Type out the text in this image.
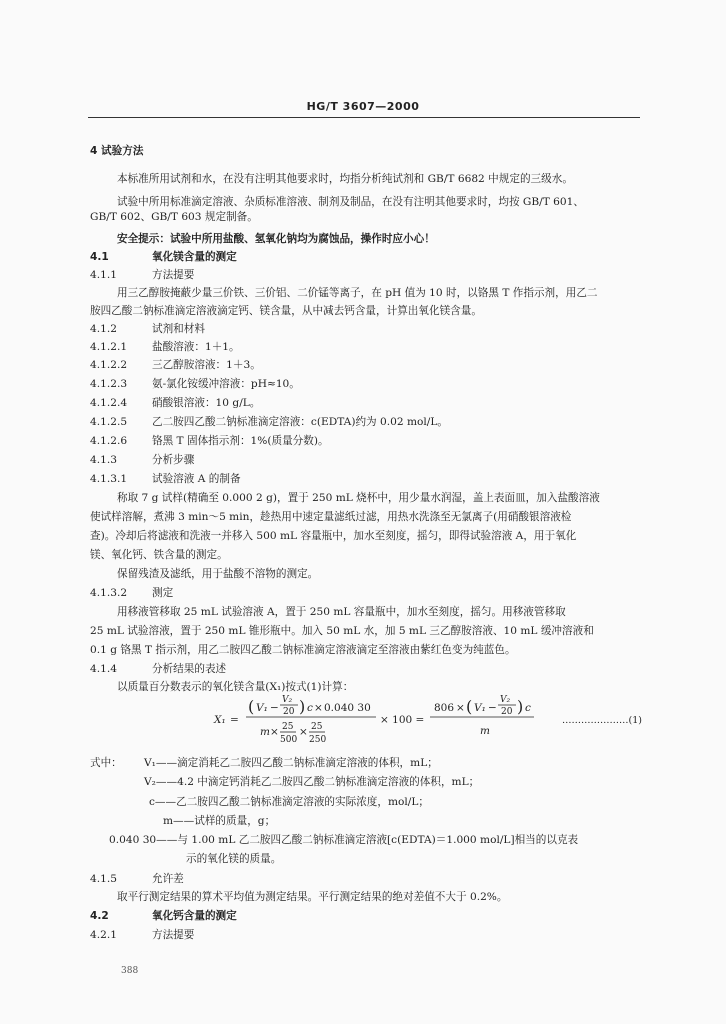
HG/T 3607—2000
4 试验方法
本标准所用试剂和水，在没有注明其他要求时，均指分析纯试剂和 GB/T 6682 中规定的三级水。
试验中所用标准滴定溶液、杂质标准溶液、制剂及制品，在没有注明其他要求时，均按 GB/T 601、
GB/T 602、GB/T 603 规定制备。
安全提示：试验中所用盐酸、氢氧化钠均为腐蚀品，操作时应小心！
4.1	氧化镁含量的测定
4.1.1	方法提要
用三乙醇胺掩蔽少量三价铁、三价铝、二价锰等离子，在 pH 值为 10 时，以铬黑 T 作指示剂，用乙二
胺四乙酸二钠标准滴定溶液滴定钙、镁含量，从中减去钙含量，计算出氧化镁含量。
4.1.2	试剂和材料
4.1.2.1 盐酸溶液：1＋1。
4.1.2.2 三乙醇胺溶液：1＋3。
4.1.2.3 氨-氯化铵缓冲溶液：pH≈10。
4.1.2.4 硝酸银溶液：10 g/L。
4.1.2.5 乙二胺四乙酸二钠标准滴定溶液：c(EDTA)约为 0.02 mol/L。
4.1.2.6 铬黑 T 固体指示剂：1%(质量分数)。
4.1.3	分析步骤
4.1.3.1 试验溶液 A 的制备
称取 7 g 试样(精确至 0.000 2 g)，置于 250 mL 烧杯中，用少量水润湿，盖上表面皿，加入盐酸溶液
使试样溶解，煮沸 3 min～5 min，趁热用中速定量滤纸过滤，用热水洗涤至无氯离子(用硝酸银溶液检
查)。冷却后将滤液和洗液一并移入 500 mL 容量瓶中，加水至刻度，摇匀，即得试验溶液 A，用于氧化
镁、氧化钙、铁含量的测定。
保留残渣及滤纸，用于盐酸不溶物的测定。
4.1.3.2 测定
用移液管移取 25 mL 试验溶液 A，置于 250 mL 容量瓶中，加水至刻度，摇匀。用移液管移取
25 mL 试验溶液，置于 250 mL 锥形瓶中。加入 50 mL 水，加 5 mL 三乙醇胺溶液、10 mL 缓冲溶液和
0.1 g 铬黑 T 指示剂，用乙二胺四乙酸二钠标准滴定溶液滴定至溶液由紫红色变为纯蓝色。
4.1.4	分析结果的表述
以质量百分数表示的氧化镁含量(X₁)按式(1)计算：
X₁ =
( V₁ −
V₂
20 ) c × 0.040 30
m × 25
500
× 25
250
× 100 =
806 × ( V₁ −
V₂
20 ) c
m
…………………(1)
式中： V₁——滴定消耗乙二胺四乙酸二钠标准滴定溶液的体积，mL；
V₂——4.2 中滴定钙消耗乙二胺四乙酸二钠标准滴定溶液的体积，mL；
c——乙二胺四乙酸二钠标准滴定溶液的实际浓度，mol/L；
m——试样的质量，g；
0.040 30——与 1.00 mL 乙二胺四乙酸二钠标准滴定溶液[c(EDTA)＝1.000 mol/L]相当的以克表
示的氧化镁的质量。
4.1.5	允许差
取平行测定结果的算术平均值为测定结果。平行测定结果的绝对差值不大于 0.2%。
4.2	氧化钙含量的测定
4.2.1	方法提要
388
